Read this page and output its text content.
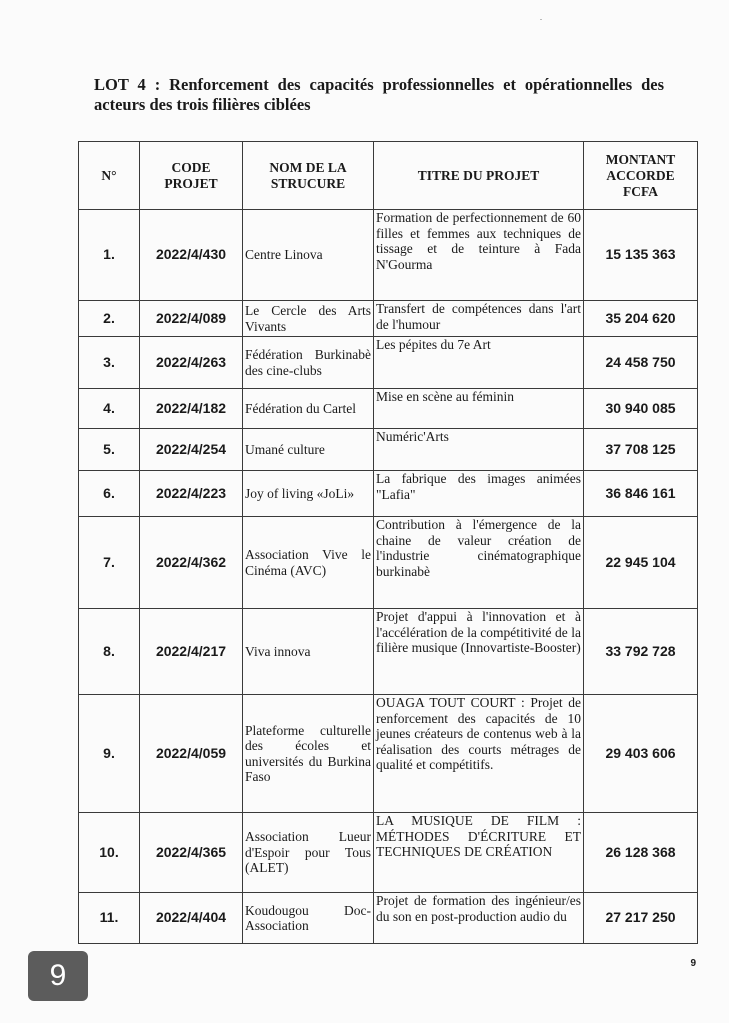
LOT 4 : Renforcement des capacités professionnelles et opérationnelles des acteurs des trois filières ciblées
N°	CODE PROJET	NOM DE LA STRUCURE	TITRE DU PROJET	MONTANT ACCORDE FCFA
1.	2022/4/430	Centre Linova	Formation de perfectionnement de 60 filles et femmes aux techniques de tissage et de teinture à Fada N'Gourma	15 135 363
2.	2022/4/089	Le Cercle des Arts Vivants	Transfert de compétences dans l'art de l'humour	35 204 620
3.	2022/4/263	Fédération Burkinabè des cine-clubs	Les pépites du 7e Art	24 458 750
4.	2022/4/182	Fédération du Cartel	Mise en scène au féminin	30 940 085
5.	2022/4/254	Umané culture	Numéric'Arts	37 708 125
6.	2022/4/223	Joy of living «JoLi»	La fabrique des images animées "Lafia"	36 846 161
7.	2022/4/362	Association Vive le Cinéma (AVC)	Contribution à l'émergence de la chaine de valeur création de l'industrie cinématographique burkinabè	22 945 104
8.	2022/4/217	Viva innova	Projet d'appui à l'innovation et à l'accélération de la compétitivité de la filière musique (Innovartiste-Booster)	33 792 728
9.	2022/4/059	Plateforme culturelle des écoles et universités du Burkina Faso	OUAGA TOUT COURT : Projet de renforcement des capacités de 10 jeunes créateurs de contenus web à la réalisation des courts métrages de qualité et compétitifs.	29 403 606
10.	2022/4/365	Association Lueur d'Espoir pour Tous (ALET)	LA MUSIQUE DE FILM : MÉTHODES D'ÉCRITURE ET TECHNIQUES DE CRÉATION	26 128 368
11.	2022/4/404	Koudougou Doc-Association	Projet de formation des ingénieur/es du son en post-production audio du	27 217 250
9
9
